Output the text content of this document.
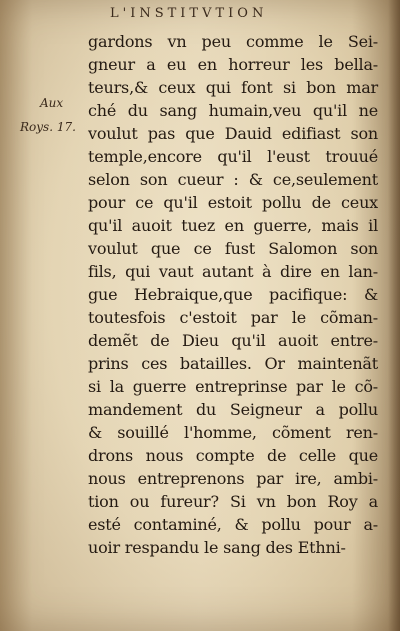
L'INSTITVTION
Aux
Roys. 17.
gardons vn peu comme le Sei-
gneur a eu en horreur les bella-
teurs,& ceux qui font si bon mar
ché du sang humain,veu qu'il ne
voulut pas que Dauid edifiast son
temple,encore qu'il l'eust trouué
selon son cueur : & ce,seulement
pour ce qu'il estoit pollu de ceux
qu'il auoit tuez en guerre, mais il
voulut que ce fust Salomon son
fils, qui vaut autant à dire en lan-
gue Hebraique,que pacifique: &
toutesfois c'estoit par le cõman-
demẽt de Dieu qu'il auoit entre-
prins ces batailles. Or maintenãt
si la guerre entreprinse par le cõ-
mandement du Seigneur a pollu
& souillé l'homme, cõment ren-
drons nous compte de celle que
nous entreprenons par ire, ambi-
tion ou fureur? Si vn bon Roy a
esté contaminé, & pollu pour a-
uoir respandu le sang des Ethni-
